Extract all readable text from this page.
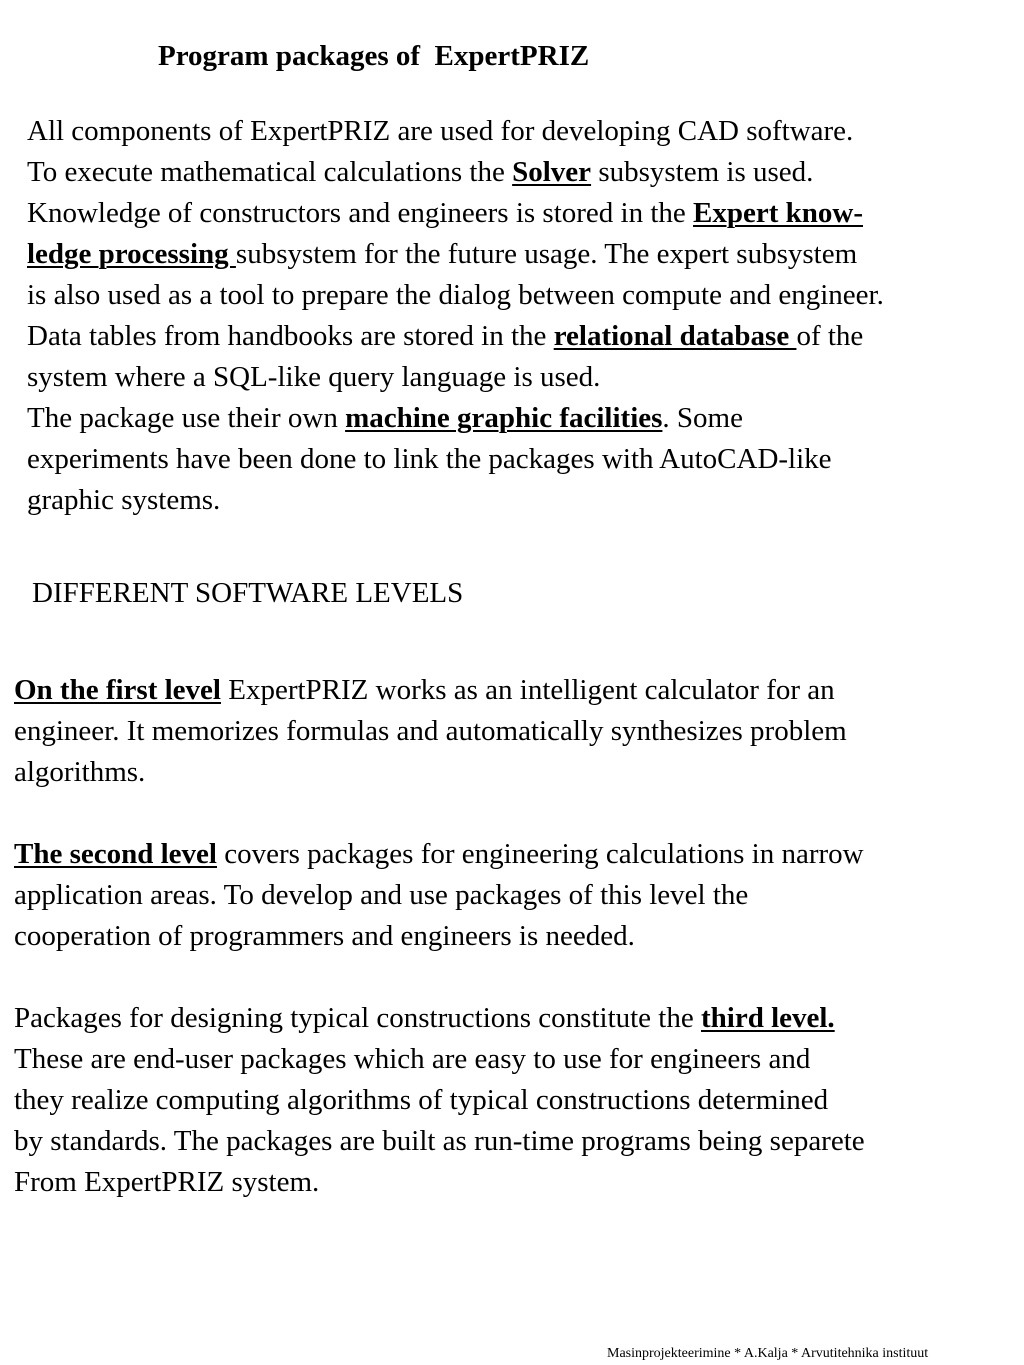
Program packages of  ExpertPRIZ
All components of ExpertPRIZ are used for developing CAD software.
To execute mathematical calculations the Solver subsystem is used.
Knowledge of constructors and engineers is stored in the Expert know-
ledge processing subsystem for the future usage. The expert subsystem
is also used as a tool to prepare the dialog between compute and engineer.
Data tables from handbooks are stored in the relational database of the
system where a SQL-like query language is used.
The package use their own machine graphic facilities. Some
experiments have been done to link the packages with AutoCAD-like
graphic systems.
DIFFERENT SOFTWARE LEVELS
On the first level ExpertPRIZ works as an intelligent calculator for an
engineer. It memorizes formulas and automatically synthesizes problem
algorithms.
The second level covers packages for engineering calculations in narrow
application areas. To develop and use packages of this level the
cooperation of programmers and engineers is needed.
Packages for designing typical constructions constitute the third level.
These are end-user packages which are easy to use for engineers and
they realize computing algorithms of typical constructions determined
by standards. The packages are built as run-time programs being separete
From ExpertPRIZ system.
Masinprojekteerimine * A.Kalja * Arvutitehnika instituut
